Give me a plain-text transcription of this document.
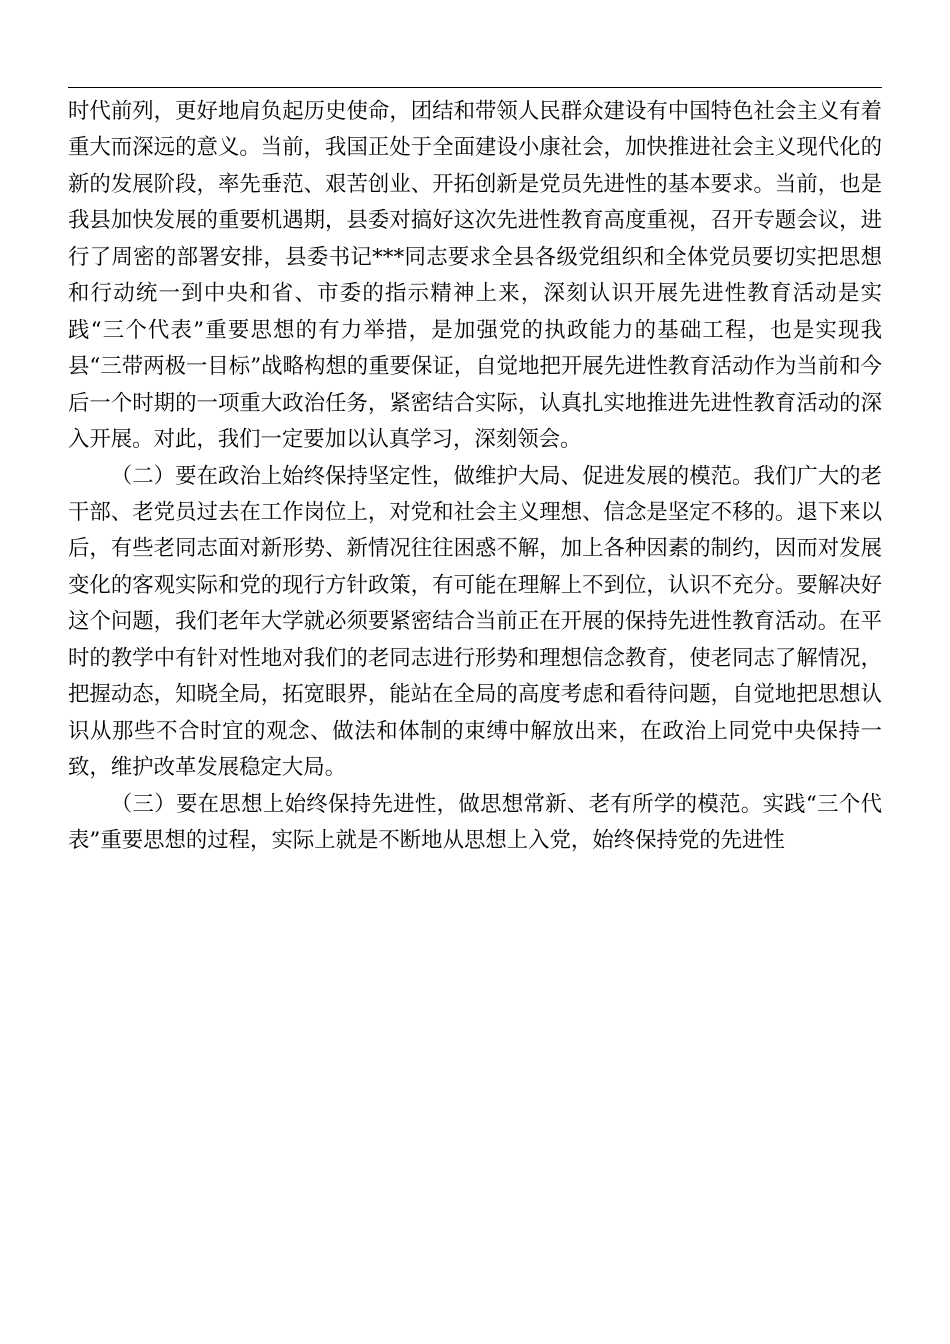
时代前列，更好地肩负起历史使命，团结和带领人民群众建设有中国特色社会主义有着重大而深远的意义。当前，我国正处于全面建设小康社会，加快推进社会主义现代化的新的发展阶段，率先垂范、艰苦创业、开拓创新是党员先进性的基本要求。当前，也是我县加快发展的重要机遇期，县委对搞好这次先进性教育高度重视，召开专题会议，进行了周密的部署安排，县委书记***同志要求全县各级党组织和全体党员要切实把思想和行动统一到中央和省、市委的指示精神上来，深刻认识开展先进性教育活动是实践“三个代表”重要思想的有力举措，是加强党的执政能力的基础工程，也是实现我县“三带两极一目标”战略构想的重要保证，自觉地把开展先进性教育活动作为当前和今后一个时期的一项重大政治任务，紧密结合实际，认真扎实地推进先进性教育活动的深入开展。对此，我们一定要加以认真学习，深刻领会。

（二）要在政治上始终保持坚定性，做维护大局、促进发展的模范。我们广大的老干部、老党员过去在工作岗位上，对党和社会主义理想、信念是坚定不移的。退下来以后，有些老同志面对新形势、新情况往往困惑不解，加上各种因素的制约，因而对发展变化的客观实际和党的现行方针政策，有可能在理解上不到位，认识不充分。要解决好这个问题，我们老年大学就必须要紧密结合当前正在开展的保持先进性教育活动。在平时的教学中有针对性地对我们的老同志进行形势和理想信念教育，使老同志了解情况，把握动态，知晓全局，拓宽眼界，能站在全局的高度考虑和看待问题，自觉地把思想认识从那些不合时宜的观念、做法和体制的束缚中解放出来，在政治上同党中央保持一致，维护改革发展稳定大局。

（三）要在思想上始终保持先进性，做思想常新、老有所学的模范。实践“三个代表”重要思想的过程，实际上就是不断地从思想上入党，始终保持党的先进性
